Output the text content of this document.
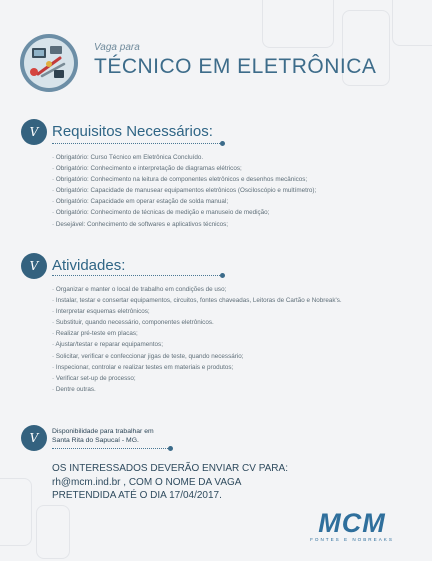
Vaga para
TÉCNICO EM ELETRÔNICA
V Requisitos Necessários:
· Obrigatório: Curso Técnico em Eletrônica Concluído.
· Obrigatório: Conhecimento e interpretação de diagramas elétricos;
· Obrigatório: Conhecimento na leitura de componentes eletrônicos e desenhos mecânicos;
· Obrigatório: Capacidade de manusear equipamentos eletrônicos (Osciloscópio e multímetro);
· Obrigatório: Capacidade em operar estação de solda manual;
· Obrigatório: Conhecimento de técnicas de medição e manuseio de medição;
· Desejável: Conhecimento de softwares e aplicativos técnicos;
V Atividades:
· Organizar e manter o local de trabalho em condições de uso;
· Instalar, testar e consertar equipamentos, circuitos, fontes chaveadas, Leitoras de Cartão e Nobreak's.
· Interpretar esquemas eletrônicos;
· Substituir, quando necessário, componentes eletrônicos.
· Realizar pré-teste em placas;
· Ajustar/testar e reparar equipamentos;
· Solicitar, verificar e confeccionar jigas de teste, quando necessário;
· Inspecionar, controlar e realizar testes em materiais e produtos;
· Verificar set-up de processo;
· Dentre outras.
V	Disponibilidade para trabalhar em
Santa Rita do Sapucaí - MG.
OS INTERESSADOS DEVERÃO ENVIAR CV PARA:
rh@mcm.ind.br , COM O NOME DA VAGA
PRETENDIDA ATÉ O DIA 17/04/2017.
MCM
FONTES E NOBREAKS
